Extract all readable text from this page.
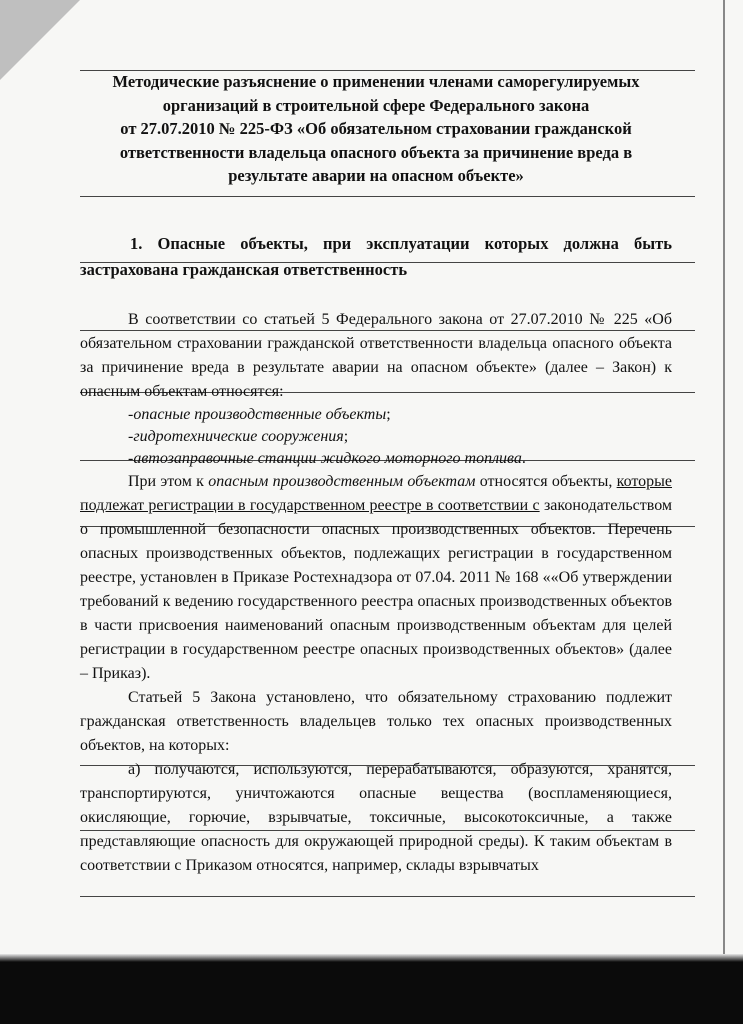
Методические разъяснение о применении членами саморегулируемых
организаций в строительной сфере Федерального закона
от 27.07.2010 № 225-ФЗ «Об обязательном страховании гражданской
ответственности владельца опасного объекта за причинение вреда в
результате аварии на опасном объекте»
1. Опасные объекты, при эксплуатации которых должна быть застрахована гражданская ответственность

В соответствии со статьей 5 Федерального закона от 27.07.2010 № 225 «Об обязательном страховании гражданской ответственности владельца опасного объекта за причинение вреда в результате аварии на опасном объекте» (далее – Закон) к опасным объектам относятся:

-опасные производственные объекты;

-гидротехнические сооружения;

-автозаправочные станции жидкого моторного топлива.

При этом к опасным производственным объектам относятся объекты, которые подлежат регистрации в государственном реестре в соответствии с законодательством о промышленной безопасности опасных производственных объектов. Перечень опасных производственных объектов, подлежащих регистрации в государственном реестре, установлен в Приказе Ростехнадзора от 07.04. 2011 № 168 ««Об утверждении требований к ведению государственного реестра опасных производственных объектов в части присвоения наименований опасным производственным объектам для целей регистрации в государственном реестре опасных производственных объектов» (далее – Приказ).

Статьей 5 Закона установлено, что обязательному страхованию подлежит гражданская ответственность владельцев только тех опасных производственных объектов, на которых:

а) получаются, используются, перерабатываются, образуются, хранятся, транспортируются, уничтожаются опасные вещества (воспламеняющиеся, окисляющие, горючие, взрывчатые, токсичные, высокотоксичные, а также представляющие опасность для окружающей природной среды). К таким объектам в соответствии с Приказом относятся, например, склады взрывчатых
